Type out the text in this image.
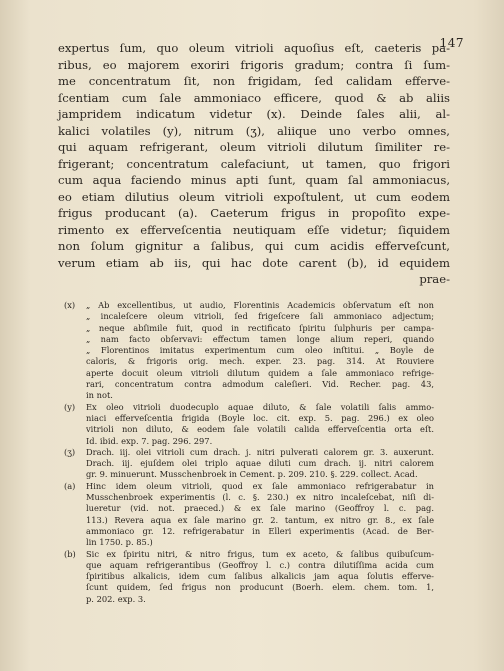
147
expertus ſum, quo oleum vitrioli aquoſius eſt, caeteris pa-
ribus, eo majorem exoriri frigoris gradum; contra ſi ſum-
me concentratum ſit, non frigidam, ſed calidam efferve-
ſcentiam cum ſale ammoniaco efficere, quod & ab aliis
jampridem indicatum videtur (x). Deinde ſales alii, al-
kalici volatiles (y), nitrum (ʒ), aliique uno verbo omnes,
qui aquam refrigerant, oleum vitrioli dilutum ſimiliter re-
frigerant; concentratum calefaciunt, ut tamen, quo frigori
cum aqua faciendo minus apti ſunt, quam ſal ammoniacus,
eo etiam dilutius oleum vitrioli expoſtulent, ut cum eodem
frigus producant (a). Caeterum frigus in propoſito expe-
rimento ex efferveſcentia neutiquam eſſe videtur; ſiquidem
non ſolum gignitur a ſalibus, qui cum acidis efferveſcunt,
verum etiam ab iis, qui hac dote carent (b), id equidem
prae-
(x)	„ Ab excellentibus, ut audio, Florentinis Academicis obſervatum eſt non
„ incaleſcere oleum vitrioli, ſed frigeſcere ſali ammoniaco adjectum;
„ neque abſimile fuit, quod in rectificato ſpiritu ſulphuris per campa-
„ nam facto obſervavi: effectum tamen longe alium reperi, quando
„ Florentinos imitatus experimentum cum oleo inſtitui. „ Boyle de
caloris, & frigoris orig. mech. exper. 23. pag. 314. At Rouviere
aperte docuit oleum vitrioli dilutum quidem a ſale ammoniaco refrige-
rari, concentratum contra admodum caleſieri. Vid. Recher. pag. 43,
in not.
(y)	Ex oleo vitrioli duodecuplo aquae diluto, & ſale volatili ſalis ammo-
niaci efferveſcentia frigida (Boyle loc. cit. exp. 5. pag. 296.) ex oleo
vitrioli non diluto, & eodem ſale volatili calida efferveſcentia orta eſt.
Id. ibid. exp. 7. pag. 296. 297.
(ʒ)	Drach. iij. olei vitrioli cum drach. j. nitri pulverati calorem gr. 3. auxerunt.
Drach. iij. ejuſdem olei triplo aquae diluti cum drach. ij. nitri calorem
gr. 9. minuerunt. Musschenbroek in Cement. p. 209. 210. §. 229. collect. Acad.
(a)	Hinc idem oleum vitrioli, quod ex ſale ammoniaco refrigerabatur in
Musschenbroek experimentis (l. c. §. 230.) ex nitro incaleſcebat, niſi di-
lueretur (vid. not. praeced.) & ex ſale marino (Geoffroy l. c. pag.
113.) Revera aqua ex ſale marino gr. 2. tantum, ex nitro gr. 8., ex ſale
ammoniaco gr. 12. refrigerabatur in Elleri experimentis (Acad. de Ber-
lin 1750. p. 85.)
(b)	Sic ex ſpiritu nitri, & nitro frigus, tum ex aceto, & ſalibus quibuſcum-
que aquam refrigerantibus (Geoffroy l. c.) contra dilutiſſima acida cum
ſpiritibus alkalicis, idem cum ſalibus alkalicis jam aqua ſolutis efferve-
ſcunt quidem, ſed frigus non producunt (Boerh. elem. chem. tom. 1,
p. 202. exp. 3.
